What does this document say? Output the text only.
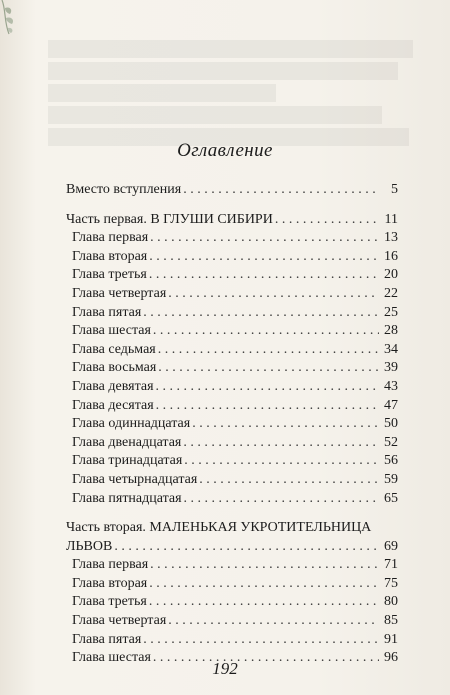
Оглавление
Вместо вступления . . .	5
Часть первая. В ГЛУШИ СИБИРИ . . .	11
Глава первая . . .	13
Глава вторая . . .	16
Глава третья . . .	20
Глава четвертая . . .	22
Глава пятая . . .	25
Глава шестая . . .	28
Глава седьмая . . .	34
Глава восьмая . . .	39
Глава девятая . . .	43
Глава десятая . . .	47
Глава одиннадцатая . . .	50
Глава двенадцатая . . .	52
Глава тринадцатая . . .	56
Глава четырнадцатая . . .	59
Глава пятнадцатая . . .	65
Часть вторая. МАЛЕНЬКАЯ УКРОТИТЕЛЬНИЦА
ЛЬВОВ . . .	69
Глава первая . . .	71
Глава вторая . . .	75
Глава третья . . .	80
Глава четвертая . . .	85
Глава пятая . . .	91
Глава шестая . . .	96
192
